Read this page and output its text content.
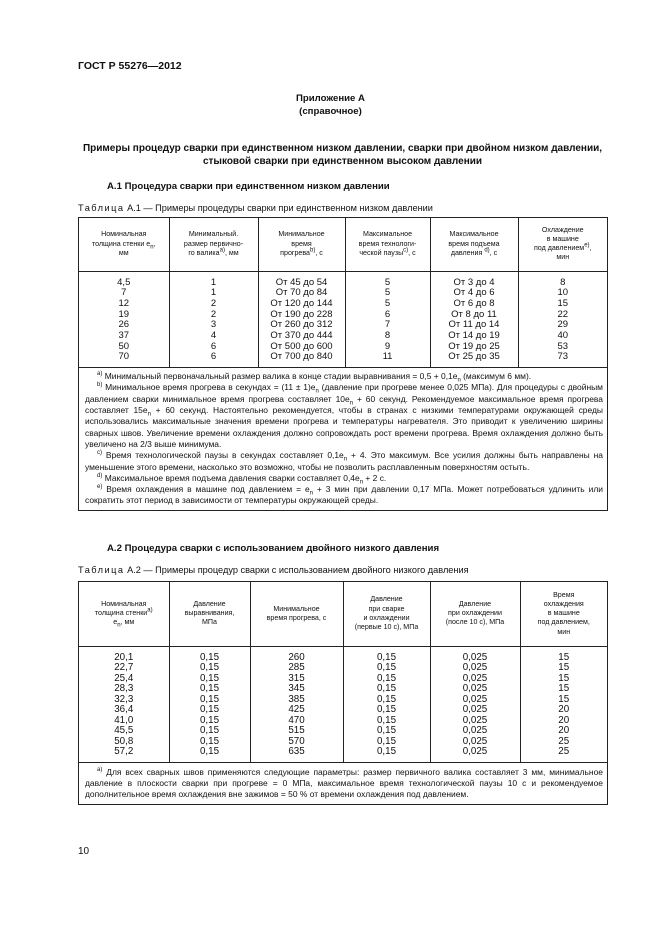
ГОСТ Р 55276—2012
Приложение А
(справочное)
Примеры процедур сварки при единственном низком давлении, сварки при двойном низком давлении, стыковой сварки при единственном высоком давлении
А.1 Процедура сварки при единственном низком давлении
Таблица А.1 — Примеры процедуры сварки при единственном низком давлении
Номинальная
толщина стенки $e_n$,
мм	Минимальный.
размер первично-
го валика$^{a)}$, мм	Минимальное
время
прогрева$^{b)}$, с	Максимальное
время технологи-
ческой паузы$^{c)}$, с	Максимальное
время подъема
давления $^{d)}$, с	Охлаждение
в машине
под давлением$^{e)}$,
мин
4,5	1	От 45 до 54	5	От 3 до 4	8
7	1	От 70 до 84	5	От 4 до 6	10
12	2	От 120 до 144	5	От 6 до 8	15
19	2	От 190 до 228	6	От 8 до 11	22
26	3	От 260 до 312	7	От 11 до 14	29
37	4	От 370 до 444	8	От 14 до 19	40
50	6	От 500 до 600	9	От 19 до 25	53
70	6	От 700 до 840	11	От 25 до 35	73

$^{a)}$ Минимальный первоначальный размер валика в конце стадии выравнивания = $0,5 + 0,1e_n$ (максимум 6 мм).

$^{b)}$ Минимальное время прогрева в секундах = $(11 \pm 1)e_n$ (давление при прогреве менее 0,025 МПа). Для процедуры с двойным давлением сварки минимальное время прогрева составляет $10e_n + 60$ секунд. Рекомендуемое максимальное время прогрева составляет $15e_n + 60$ секунд. Настоятельно рекомендуется, чтобы в странах с низкими температурами окружающей среды использовались максимальные значения времени прогрева и температуры нагревателя. Это приводит к увеличению ширины сварных швов. Увеличение времени охлаждения должно сопровождать рост времени прогрева. Время охлаждения должно быть увеличено на 2/3 выше минимума.

$^{c)}$ Время технологической паузы в секундах составляет $0,1e_n + 4$. Это максимум. Все усилия должны быть направлены на уменьшение этого времени, насколько это возможно, чтобы не позволить расплавленным поверхностям остыть.

$^{d)}$ Максимальное время подъема давления сварки составляет $0,4e_n + 2$ с.

$^{e)}$ Время охлаждения в машине под давлением = $e_n + 3$ мин при давлении 0,17 МПа. Может потребоваться удлинить или сократить этот период в зависимости от температуры окружающей среды.

А.2 Процедура сварки с использованием двойного низкого давления
Таблица А.2 — Примеры процедур сварки с использованием двойного низкого давления
Номинальная
толщина стенки$^{a)}$
$e_n$, мм	Давление
выравнивания,
МПа	Минимальное
время прогрева, с	Давление
при сварке
и охлаждении
(первые 10 с), МПа	Давление
при охлаждении
(после 10 с), МПа	Время
охлаждения
в машине
под давлением,
мин
20,1	0,15	260	0,15	0,025	15
22,7	0,15	285	0,15	0,025	15
25,4	0,15	315	0,15	0,025	15
28,3	0,15	345	0,15	0,025	15
32,3	0,15	385	0,15	0,025	15
36,4	0,15	425	0,15	0,025	20
41,0	0,15	470	0,15	0,025	20
45,5	0,15	515	0,15	0,025	20
50,8	0,15	570	0,15	0,025	25
57,2	0,15	635	0,15	0,025	25

$^{a)}$ Для всех сварных швов применяются следующие параметры: размер первичного валика составляет 3 мм, минимальное давление в плоскости сварки при прогреве = 0 МПа, максимальное время технологической паузы 10 с и рекомендуемое дополнительное время охлаждения вне зажимов = 50 % от времени охлаждения под давлением.

10
